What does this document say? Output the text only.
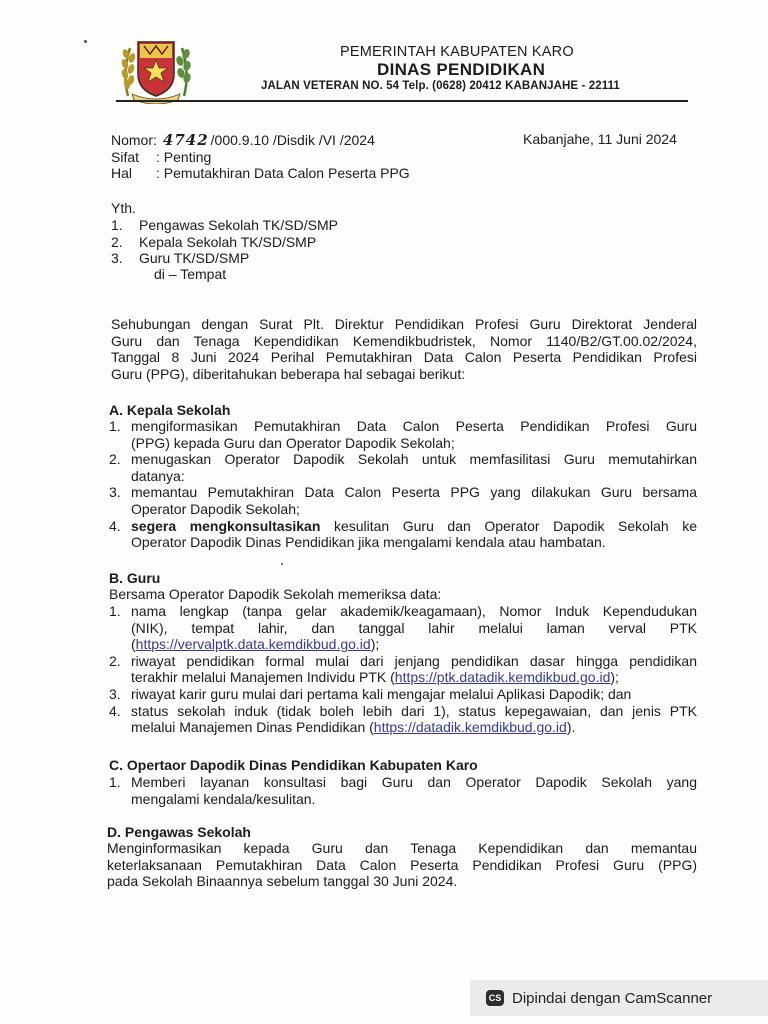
PEMERINTAH KABUPATEN KARO
DINAS PENDIDIKAN
JALAN VETERAN NO. 54 Telp. (0628) 20412 KABANJAHE - 22111
Nomor: 4742 /000.9.10 /Disdik /VI /2024	Kabanjahe, 11 Juni 2024
Sifat : Penting
Hal : Pemutakhiran Data Calon Peserta PPG
Yth.
1. Pengawas Sekolah TK/SD/SMP
2. Kepala Sekolah TK/SD/SMP
3. Guru TK/SD/SMP
di – Tempat
Sehubungan dengan Surat Plt. Direktur Pendidikan Profesi Guru Direktorat Jenderal
Guru dan Tenaga Kependidikan Kemendikbudristek, Nomor 1140/B2/GT.00.02/2024,
Tanggal 8 Juni 2024 Perihal Pemutakhiran Data Calon Peserta Pendidikan Profesi
Guru (PPG), diberitahukan beberapa hal sebagai berikut:
A. Kepala Sekolah
1. mengiformasikan Pemutakhiran Data Calon Peserta Pendidikan Profesi Guru
(PPG) kepada Guru dan Operator Dapodik Sekolah;
2. menugaskan Operator Dapodik Sekolah untuk memfasilitasi Guru memutahirkan
datanya:
3. memantau Pemutakhiran Data Calon Peserta PPG yang dilakukan Guru bersama
Operator Dapodik Sekolah;
4. segera mengkonsultasikan kesulitan Guru dan Operator Dapodik Sekolah ke
Operator Dapodik Dinas Pendidikan jika mengalami kendala atau hambatan.
B. Guru
Bersama Operator Dapodik Sekolah memeriksa data:
1. nama lengkap (tanpa gelar akademik/keagamaan), Nomor Induk Kependudukan
(NIK), tempat lahir, dan tanggal lahir melalui laman verval PTK
(https://vervalptk.data.kemdikbud.go.id);
2. riwayat pendidikan formal mulai dari jenjang pendidikan dasar hingga pendidikan
terakhir melalui Manajemen Individu PTK (https://ptk.datadik.kemdikbud.go.id);
3. riwayat karir guru mulai dari pertama kali mengajar melalui Aplikasi Dapodik; dan
4. status sekolah induk (tidak boleh lebih dari 1), status kepegawaian, dan jenis PTK
melalui Manajemen Dinas Pendidikan (https://datadik.kemdikbud.go.id).
C. Opertaor Dapodik Dinas Pendidikan Kabupaten Karo
1. Memberi layanan konsultasi bagi Guru dan Operator Dapodik Sekolah yang
mengalami kendala/kesulitan.
D. Pengawas Sekolah
Menginformasikan kepada Guru dan Tenaga Kependidikan dan memantau
keterlaksanaan Pemutakhiran Data Calon Peserta Pendidikan Profesi Guru (PPG)
pada Sekolah Binaannya sebelum tanggal 30 Juni 2024.
CS Dipindai dengan CamScanner
